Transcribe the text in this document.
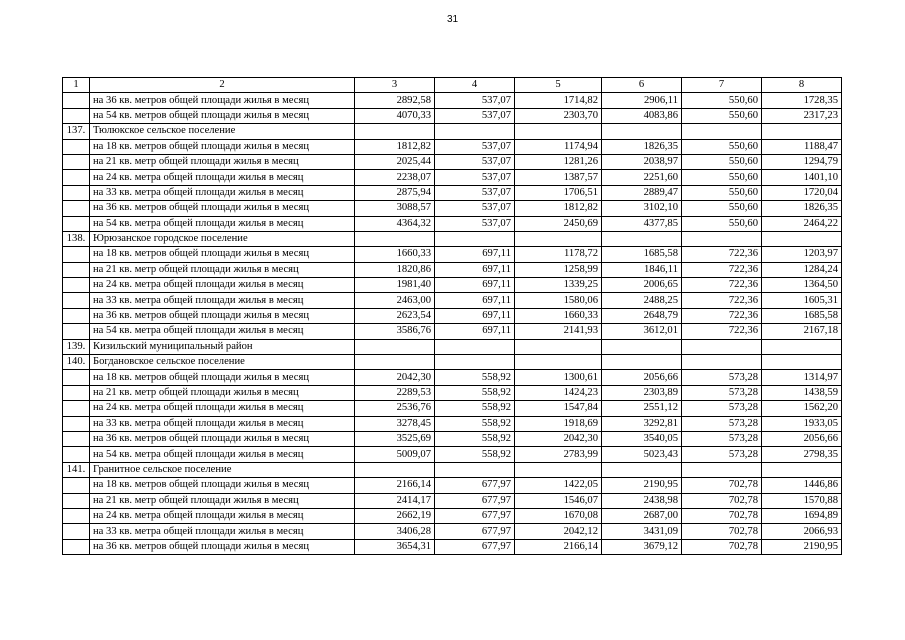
31
1	2	3	4	5	6	7	8
	на 36 кв. метров общей площади жилья в месяц	2892,58	537,07	1714,82	2906,11	550,60	1728,35
	на 54 кв. метров общей площади жилья в месяц	4070,33	537,07	2303,70	4083,86	550,60	2317,23
137.	Тюлюкское сельское поселение						
	на 18 кв. метров общей площади жилья в месяц	1812,82	537,07	1174,94	1826,35	550,60	1188,47
	на 21 кв. метр общей площади жилья в месяц	2025,44	537,07	1281,26	2038,97	550,60	1294,79
	на 24 кв. метра общей площади жилья в месяц	2238,07	537,07	1387,57	2251,60	550,60	1401,10
	на 33 кв. метра общей площади жилья в месяц	2875,94	537,07	1706,51	2889,47	550,60	1720,04
	на 36 кв. метров общей площади жилья в месяц	3088,57	537,07	1812,82	3102,10	550,60	1826,35
	на 54 кв. метра общей площади жилья в месяц	4364,32	537,07	2450,69	4377,85	550,60	2464,22
138.	Юрюзанское городское поселение						
	на 18 кв. метров общей площади жилья в месяц	1660,33	697,11	1178,72	1685,58	722,36	1203,97
	на 21 кв. метр общей площади жилья в месяц	1820,86	697,11	1258,99	1846,11	722,36	1284,24
	на 24 кв. метра общей площади жилья в месяц	1981,40	697,11	1339,25	2006,65	722,36	1364,50
	на 33 кв. метра общей площади жилья в месяц	2463,00	697,11	1580,06	2488,25	722,36	1605,31
	на 36 кв. метров общей площади жилья в месяц	2623,54	697,11	1660,33	2648,79	722,36	1685,58
	на 54 кв. метра общей площади жилья в месяц	3586,76	697,11	2141,93	3612,01	722,36	2167,18
139.	Кизильский муниципальный район						
140.	Богдановское сельское поселение						
	на 18 кв. метров общей площади жилья в месяц	2042,30	558,92	1300,61	2056,66	573,28	1314,97
	на 21 кв. метр общей площади жилья в месяц	2289,53	558,92	1424,23	2303,89	573,28	1438,59
	на 24 кв. метра общей площади жилья в месяц	2536,76	558,92	1547,84	2551,12	573,28	1562,20
	на 33 кв. метра общей площади жилья в месяц	3278,45	558,92	1918,69	3292,81	573,28	1933,05
	на 36 кв. метров общей площади жилья в месяц	3525,69	558,92	2042,30	3540,05	573,28	2056,66
	на 54 кв. метра общей площади жилья в месяц	5009,07	558,92	2783,99	5023,43	573,28	2798,35
141.	Гранитное сельское поселение						
	на 18 кв. метров общей площади жилья в месяц	2166,14	677,97	1422,05	2190,95	702,78	1446,86
	на 21 кв. метр общей площади жилья в месяц	2414,17	677,97	1546,07	2438,98	702,78	1570,88
	на 24 кв. метра общей площади жилья в месяц	2662,19	677,97	1670,08	2687,00	702,78	1694,89
	на 33 кв. метра общей площади жилья в месяц	3406,28	677,97	2042,12	3431,09	702,78	2066,93
	на 36 кв. метров общей площади жилья в месяц	3654,31	677,97	2166,14	3679,12	702,78	2190,95
